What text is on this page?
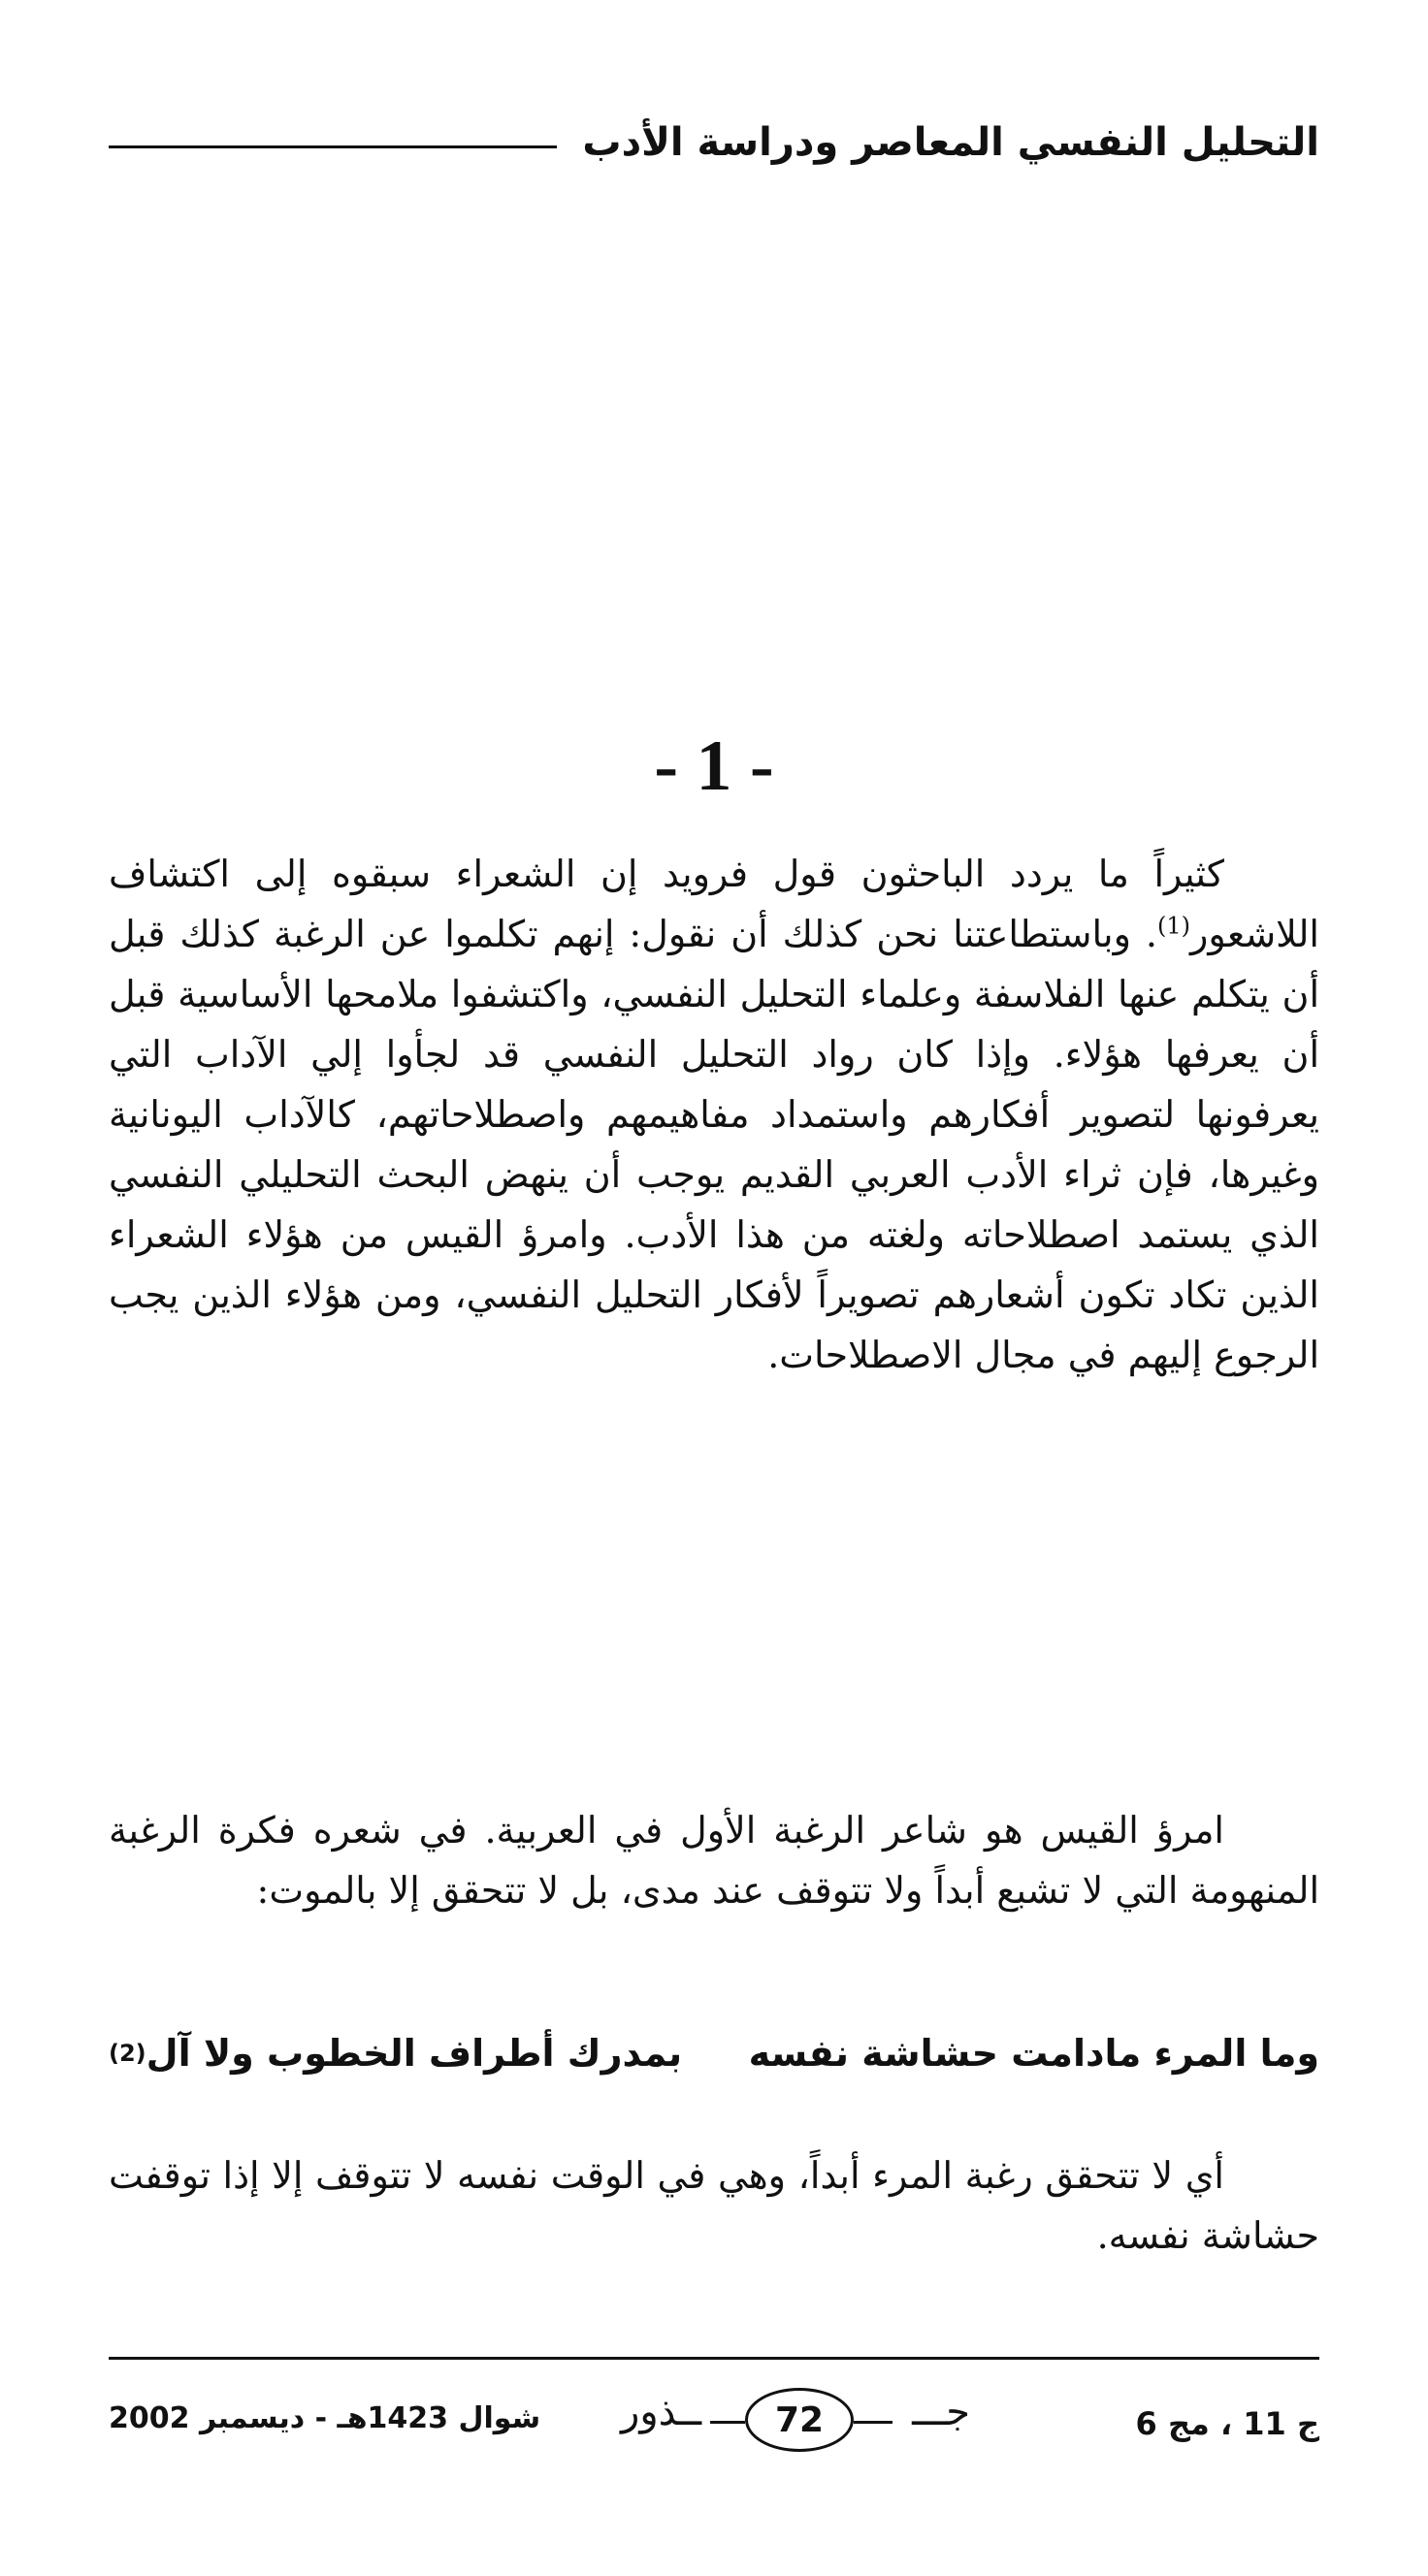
التحليل النفسي المعاصر ودراسة الأدب
- 1 -

كثيراً ما يردد الباحثون قول فرويد إن الشعراء سبقوه إلى اكتشاف اللاشعور$^{(1)}$. وباستطاعتنا نحن كذلك أن نقول: إنهم تكلموا عن الرغبة كذلك قبل أن يتكلم عنها الفلاسفة وعلماء التحليل النفسي، واكتشفوا ملامحها الأساسية قبل أن يعرفها هؤلاء. وإذا كان رواد التحليل النفسي قد لجأوا إلي الآداب التي يعرفونها لتصوير أفكارهم واستمداد مفاهيمهم واصطلاحاتهم، كالآداب اليونانية وغيرها، فإن ثراء الأدب العربي القديم يوجب أن ينهض البحث التحليلي النفسي الذي يستمد اصطلاحاته ولغته من هذا الأدب. وامرؤ القيس من هؤلاء الشعراء الذين تكاد تكون أشعارهم تصويراً لأفكار التحليل النفسي، ومن هؤلاء الذين يجب الرجوع إليهم في مجال الاصطلاحات.

امرؤ القيس هو شاعر الرغبة الأول في العربية. في شعره فكرة الرغبة المنهومة التي لا تشبع أبداً ولا تتوقف عند مدى، بل لا تتحقق إلا بالموت:

وما المرء مادامت حشاشة نفسه
بمدرك أطراف الخطوب ولا آل
(2)

أي لا تتحقق رغبة المرء أبداً، وهي في الوقت نفسه لا تتوقف إلا إذا توقفت حشاشة نفسه.

ج 11 ، مج 6
ــذور 72 جـــ
شوال 1423هـ - ديسمبر 2002
